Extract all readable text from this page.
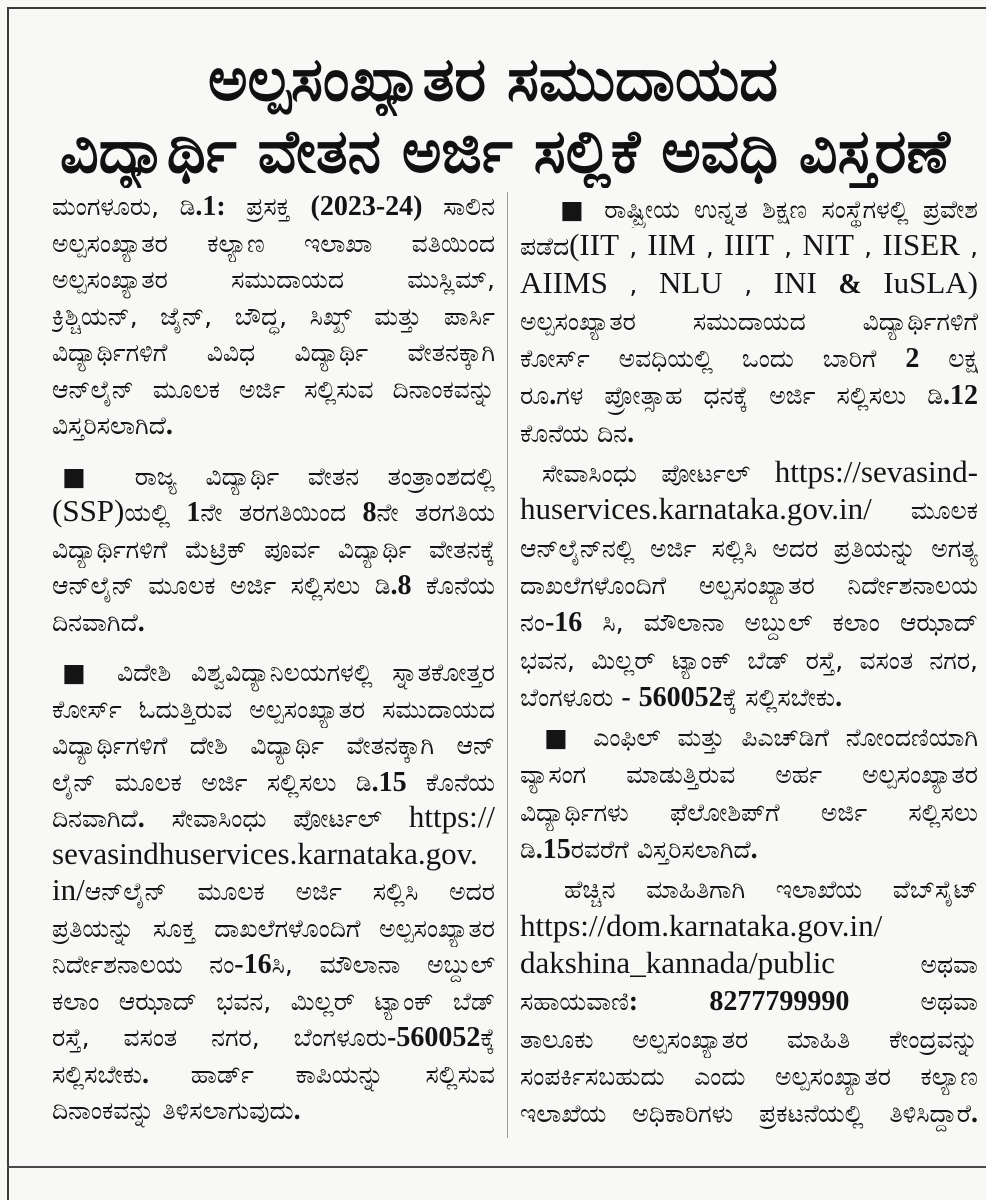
ಅಲ್ಪಸಂಖ್ಯಾತರ ಸಮುದಾಯದ
ವಿದ್ಯಾರ್ಥಿ ವೇತನ ಅರ್ಜಿ ಸಲ್ಲಿಕೆ ಅವಧಿ ವಿಸ್ತರಣೆ
ಮಂಗಳೂರು, ಡಿ.1: ಪ್ರಸಕ್ತ (2023-24) ಸಾಲಿನ
ಅಲ್ಪಸಂಖ್ಯಾತರ ಕಲ್ಯಾಣ ಇಲಾಖಾ ವತಿಯಿಂದ
ಅಲ್ಪಸಂಖ್ಯಾತರ ಸಮುದಾಯದ ಮುಸ್ಲಿಮ್,
ಕ್ರಿಶ್ಚಿಯನ್, ಜೈನ್, ಬೌದ್ಧ, ಸಿಖ್ಖ್ ಮತ್ತು ಪಾರ್ಸಿ
ವಿದ್ಯಾರ್ಥಿಗಳಿಗೆ ವಿವಿಧ ವಿದ್ಯಾರ್ಥಿ ವೇತನಕ್ಕಾಗಿ
ಆನ್‌ಲೈನ್ ಮೂಲಕ ಅರ್ಜಿ ಸಲ್ಲಿಸುವ ದಿನಾಂಕವನ್ನು
ವಿಸ್ತರಿಸಲಾಗಿದೆ.
■ ರಾಜ್ಯ ವಿದ್ಯಾರ್ಥಿ ವೇತನ ತಂತ್ರಾಂಶದಲ್ಲಿ
(SSP)ಯಲ್ಲಿ 1ನೇ ತರಗತಿಯಿಂದ 8ನೇ ತರಗತಿಯ
ವಿದ್ಯಾರ್ಥಿಗಳಿಗೆ ಮೆಟ್ರಿಕ್ ಪೂರ್ವ ವಿದ್ಯಾರ್ಥಿ ವೇತನಕ್ಕೆ
ಆನ್‌ಲೈನ್ ಮೂಲಕ ಅರ್ಜಿ ಸಲ್ಲಿಸಲು ಡಿ.8 ಕೊನೆಯ
ದಿನವಾಗಿದೆ.
■ ವಿದೇಶಿ ವಿಶ್ವವಿದ್ಯಾನಿಲಯಗಳಲ್ಲಿ ಸ್ನಾತಕೋತ್ತರ
ಕೋರ್ಸ್ ಓದುತ್ತಿರುವ ಅಲ್ಪಸಂಖ್ಯಾತರ ಸಮುದಾಯದ
ವಿದ್ಯಾರ್ಥಿಗಳಿಗೆ ದೇಶಿ ವಿದ್ಯಾರ್ಥಿ ವೇತನಕ್ಕಾಗಿ ಆನ್
ಲೈನ್ ಮೂಲಕ ಅರ್ಜಿ ಸಲ್ಲಿಸಲು ಡಿ.15 ಕೊನೆಯ
ದಿನವಾಗಿದೆ. ಸೇವಾಸಿಂಧು ಪೋರ್ಟಲ್ https://
sevasindhuservices.karnataka.gov.
in/ಆನ್‌ಲೈನ್ ಮೂಲಕ ಅರ್ಜಿ ಸಲ್ಲಿಸಿ ಅದರ
ಪ್ರತಿಯನ್ನು ಸೂಕ್ತ ದಾಖಲೆಗಳೊಂದಿಗೆ ಅಲ್ಪಸಂಖ್ಯಾತರ
ನಿರ್ದೇಶನಾಲಯ ನಂ-16ಸಿ, ಮೌಲಾನಾ ಅಬ್ದುಲ್
ಕಲಾಂ ಆಝಾದ್ ಭವನ, ಮಿಲ್ಲರ್ ಟ್ಯಾಂಕ್ ಬೆಡ್
ರಸ್ತೆ, ವಸಂತ ನಗರ, ಬೆಂಗಳೂರು-560052ಕ್ಕೆ
ಸಲ್ಲಿಸಬೇಕು. ಹಾರ್ಡ್ ಕಾಪಿಯನ್ನು ಸಲ್ಲಿಸುವ
ದಿನಾಂಕವನ್ನು ತಿಳಿಸಲಾಗುವುದು.
■ ರಾಷ್ಟ್ರೀಯ ಉನ್ನತ ಶಿಕ್ಷಣ ಸಂಸ್ಥೆಗಳಲ್ಲಿ ಪ್ರವೇಶ
ಪಡೆದ(IIT , IIM , IIIT , NIT , IISER ,
AIIMS , NLU , INI & IuSLA)
ಅಲ್ಪಸಂಖ್ಯಾತರ ಸಮುದಾಯದ ವಿದ್ಯಾರ್ಥಿಗಳಿಗೆ
ಕೋರ್ಸ್ ಅವಧಿಯಲ್ಲಿ ಒಂದು ಬಾರಿಗೆ 2 ಲಕ್ಷ
ರೂ.ಗಳ ಪ್ರೋತ್ಸಾಹ ಧನಕ್ಕೆ ಅರ್ಜಿ ಸಲ್ಲಿಸಲು ಡಿ.12
ಕೊನೆಯ ದಿನ.
ಸೇವಾಸಿಂಧು ಪೋರ್ಟಲ್ https://sevasind-
huservices.karnataka.gov.in/ ಮೂಲಕ
ಆನ್‌ಲೈನ್‌ನಲ್ಲಿ ಅರ್ಜಿ ಸಲ್ಲಿಸಿ ಅದರ ಪ್ರತಿಯನ್ನು ಅಗತ್ಯ
ದಾಖಲೆಗಳೊಂದಿಗೆ ಅಲ್ಪಸಂಖ್ಯಾತರ ನಿರ್ದೇಶನಾಲಯ
ನಂ-16 ಸಿ, ಮೌಲಾನಾ ಅಬ್ದುಲ್ ಕಲಾಂ ಆಝಾದ್
ಭವನ, ಮಿಲ್ಲರ್ ಟ್ಯಾಂಕ್ ಬೆಡ್ ರಸ್ತೆ, ವಸಂತ ನಗರ,
ಬೆಂಗಳೂರು - 560052ಕ್ಕೆ ಸಲ್ಲಿಸಬೇಕು.
■ ಎಂಫಿಲ್ ಮತ್ತು ಪಿಎಚ್‌ಡಿಗೆ ನೋಂದಣಿಯಾಗಿ
ವ್ಯಾಸಂಗ ಮಾಡುತ್ತಿರುವ ಅರ್ಹ ಅಲ್ಪಸಂಖ್ಯಾತರ
ವಿದ್ಯಾರ್ಥಿಗಳು ಫೆಲೋಶಿಪ್‌ಗೆ ಅರ್ಜಿ ಸಲ್ಲಿಸಲು
ಡಿ.15ರವರೆಗೆ ವಿಸ್ತರಿಸಲಾಗಿದೆ.
ಹೆಚ್ಚಿನ ಮಾಹಿತಿಗಾಗಿ ಇಲಾಖೆಯ ವೆಬ್‌ಸೈಟ್
https://dom.karnataka.gov.in/
dakshina_kannada/public ಅಥವಾ
ಸಹಾಯವಾಣಿ:	8277799990 ಅಥವಾ
ತಾಲೂಕು ಅಲ್ಪಸಂಖ್ಯಾತರ ಮಾಹಿತಿ ಕೇಂದ್ರವನ್ನು
ಸಂಪರ್ಕಿಸಬಹುದು ಎಂದು ಅಲ್ಪಸಂಖ್ಯಾತರ ಕಲ್ಯಾಣ
ಇಲಾಖೆಯ ಅಧಿಕಾರಿಗಳು ಪ್ರಕಟನೆಯಲ್ಲಿ ತಿಳಿಸಿದ್ದಾರೆ.
